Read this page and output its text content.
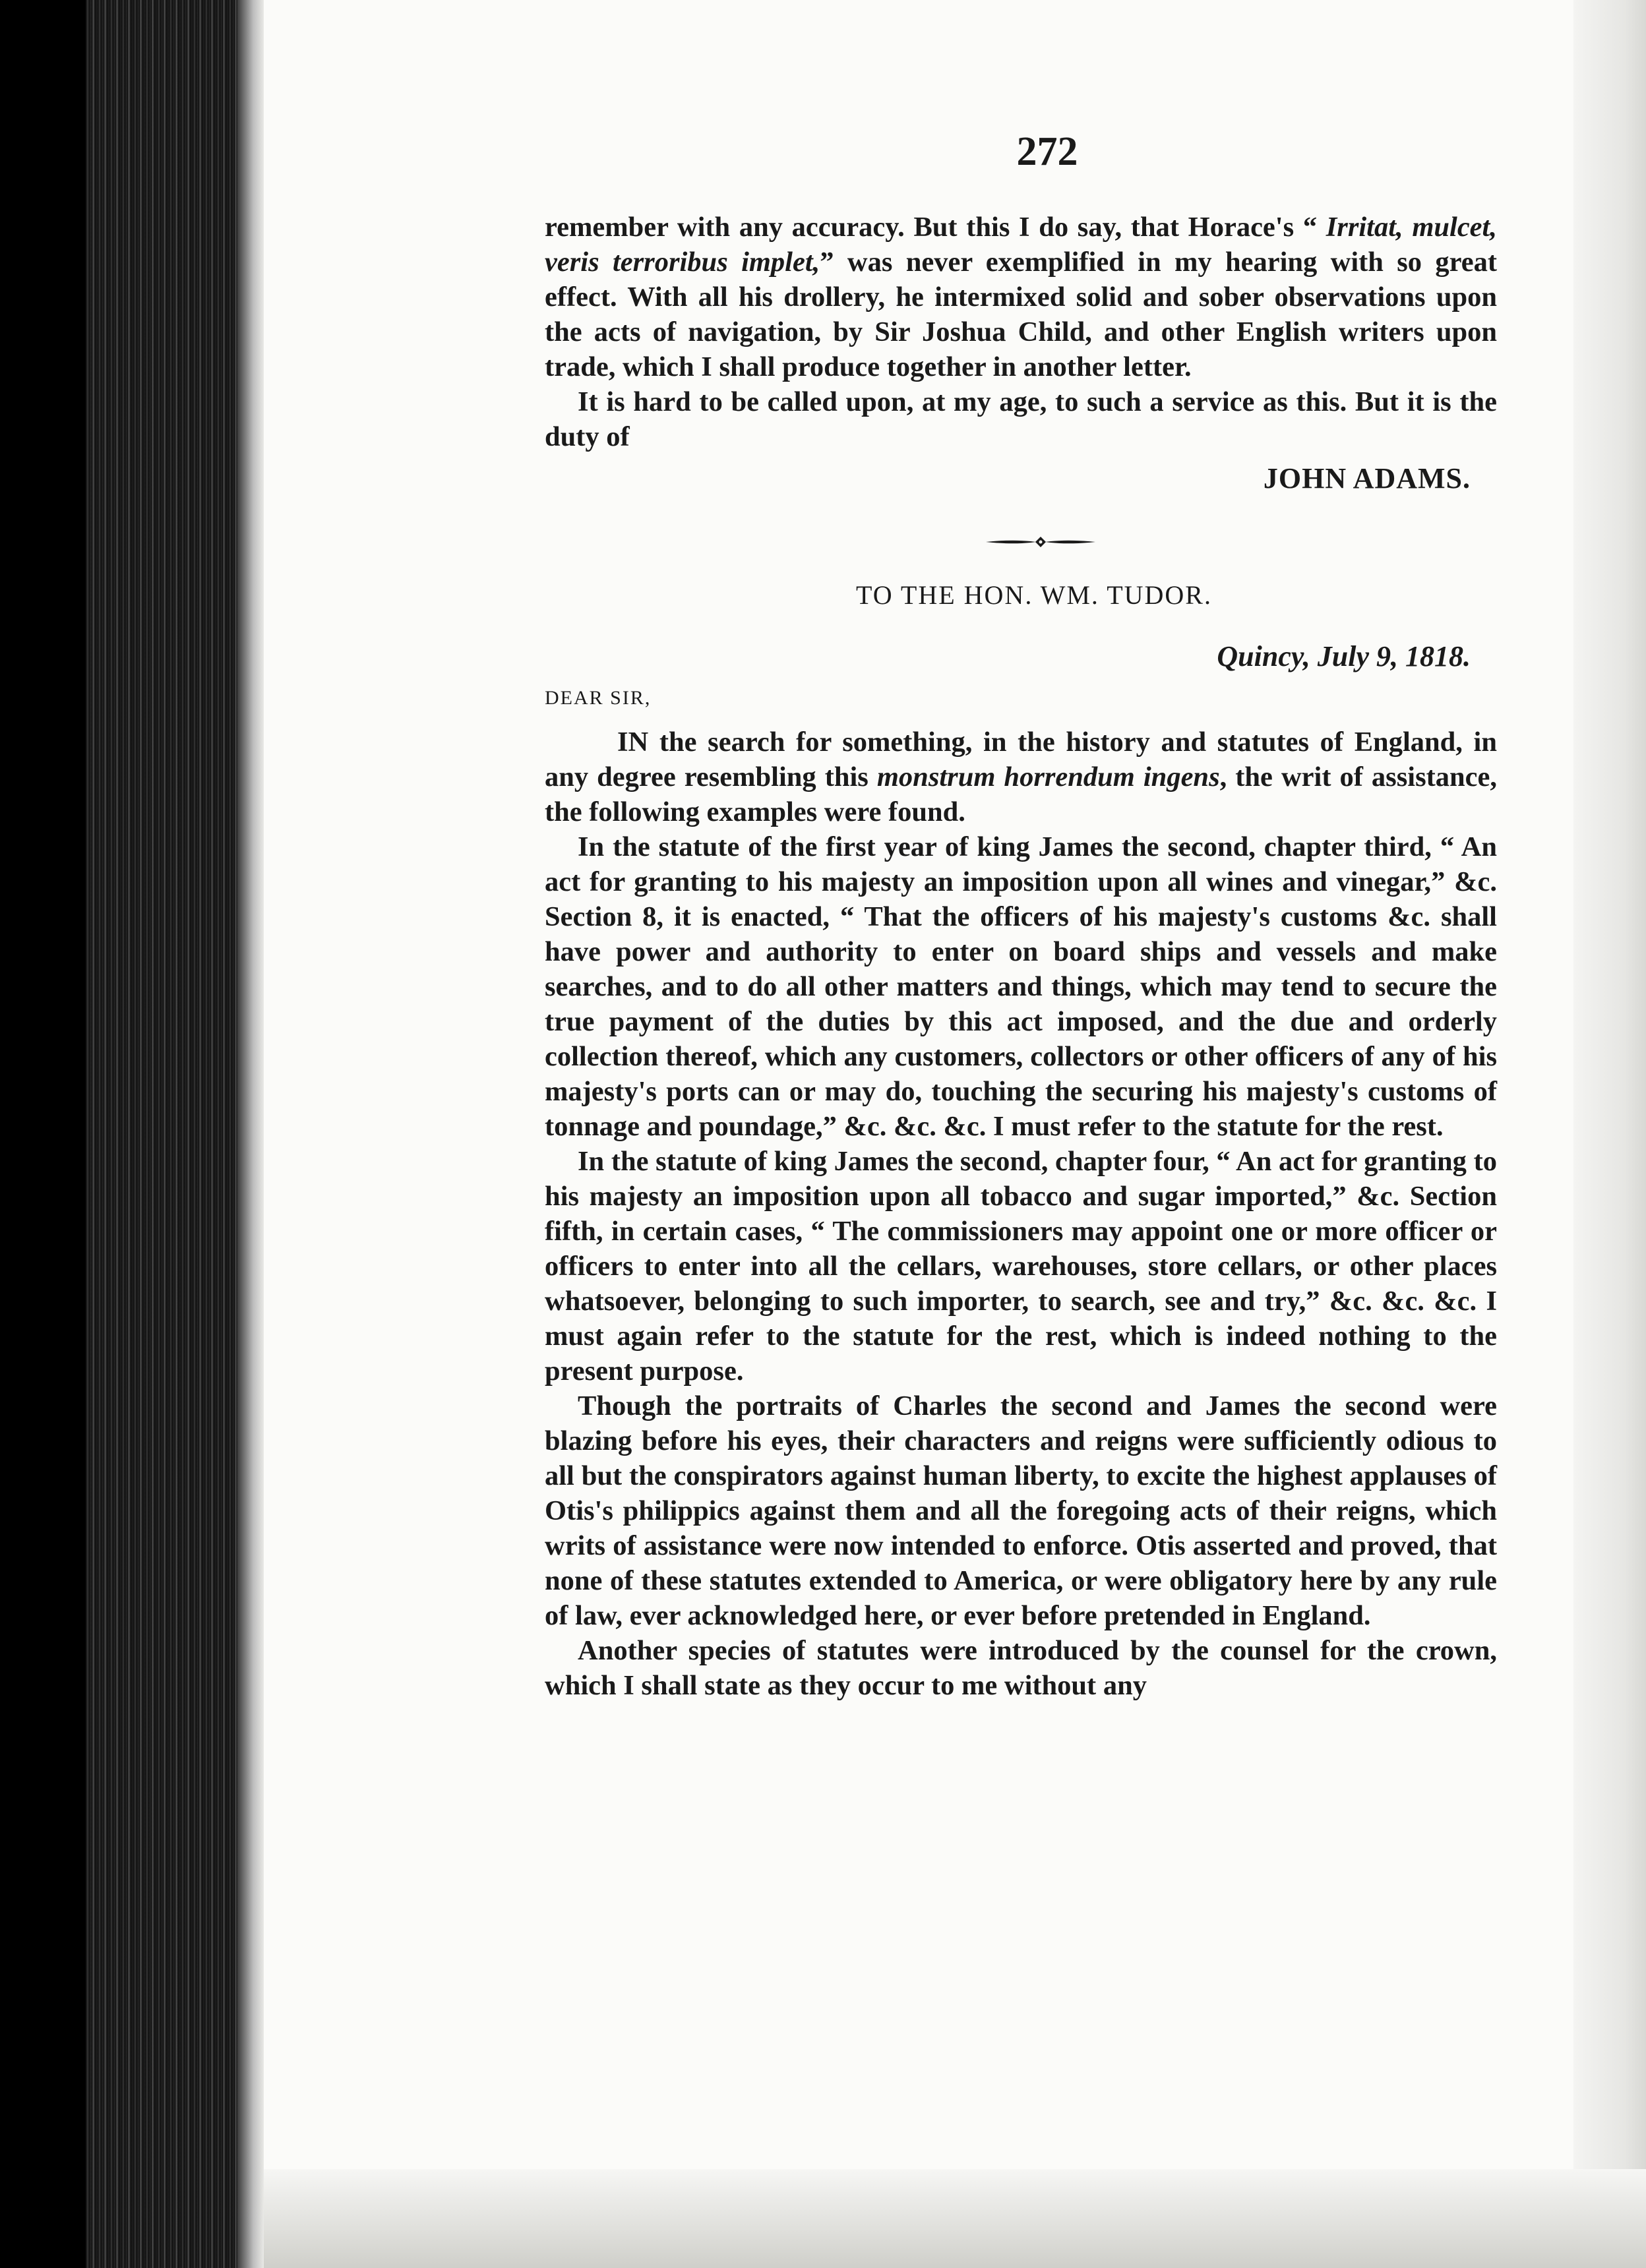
272

remember with any accuracy. But this I do say, that Horace's “ Irritat, mulcet, veris terroribus implet,” was never exemplified in my hearing with so great effect. With all his drollery, he intermixed solid and sober observations upon the acts of navigation, by Sir Joshua Child, and other English writers upon trade, which I shall produce together in another letter.

It is hard to be called upon, at my age, to such a service as this. But it is the duty of

JOHN ADAMS.
TO THE HON. WM. TUDOR.
Quincy, July 9, 1818.
DEAR SIR,

IN the search for something, in the history and statutes of England, in any degree resembling this monstrum horrendum ingens, the writ of assistance, the following examples were found.

In the statute of the first year of king James the second, chapter third, “ An act for granting to his majesty an imposition upon all wines and vinegar,” &c. Section 8, it is enacted, “ That the officers of his majesty's customs &c. shall have power and authority to enter on board ships and vessels and make searches, and to do all other matters and things, which may tend to secure the true payment of the duties by this act imposed, and the due and orderly collection thereof, which any customers, collectors or other officers of any of his majesty's ports can or may do, touching the securing his majesty's customs of tonnage and poundage,” &c. &c. &c. I must refer to the statute for the rest.

In the statute of king James the second, chapter four, “ An act for granting to his majesty an imposition upon all tobacco and sugar imported,” &c. Section fifth, in certain cases, “ The commissioners may appoint one or more officer or officers to enter into all the cellars, warehouses, store cellars, or other places whatsoever, belonging to such importer, to search, see and try,” &c. &c. &c. I must again refer to the statute for the rest, which is indeed nothing to the present purpose.

Though the portraits of Charles the second and James the second were blazing before his eyes, their characters and reigns were sufficiently odious to all but the conspirators against human liberty, to excite the highest applauses of Otis's philippics against them and all the foregoing acts of their reigns, which writs of assistance were now intended to enforce. Otis asserted and proved, that none of these statutes extended to America, or were obligatory here by any rule of law, ever acknowledged here, or ever before pretended in England.

Another species of statutes were introduced by the counsel for the crown, which I shall state as they occur to me without any
